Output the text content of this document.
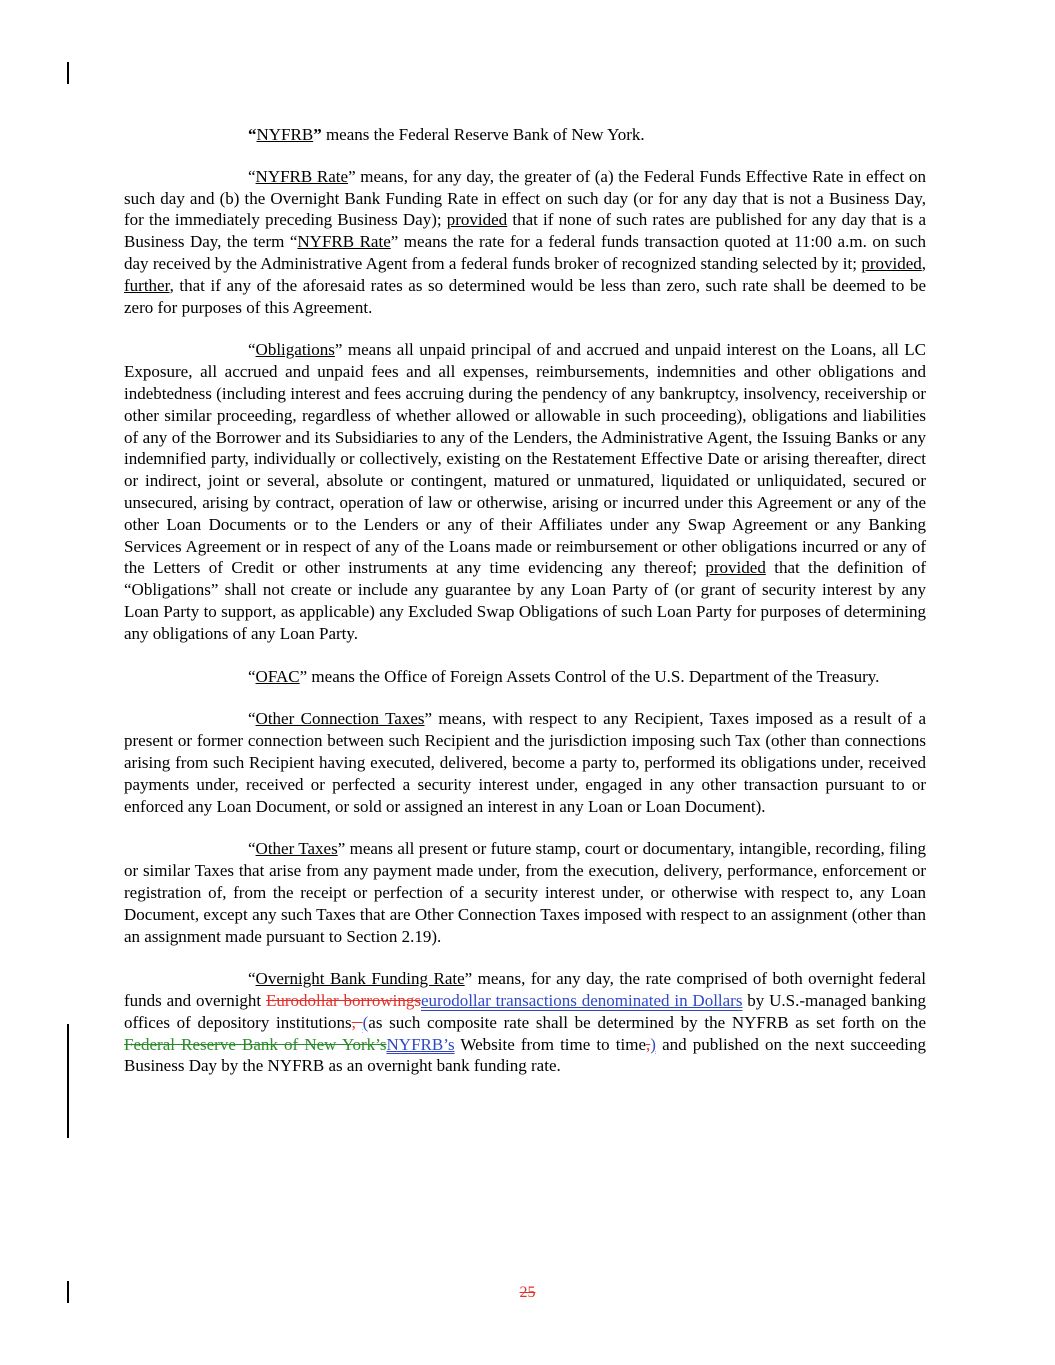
“NYFRB” means the Federal Reserve Bank of New York.

“NYFRB Rate” means, for any day, the greater of (a) the Federal Funds Effective Rate in effect on such day and (b) the Overnight Bank Funding Rate in effect on such day (or for any day that is not a Business Day, for the immediately preceding Business Day); provided that if none of such rates are published for any day that is a Business Day, the term “NYFRB Rate” means the rate for a federal funds transaction quoted at 11:00 a.m. on such day received by the Administrative Agent from a federal funds broker of recognized standing selected by it; provided, further, that if any of the aforesaid rates as so determined would be less than zero, such rate shall be deemed to be zero for purposes of this Agreement.

“Obligations” means all unpaid principal of and accrued and unpaid interest on the Loans, all LC Exposure, all accrued and unpaid fees and all expenses, reimbursements, indemnities and other obligations and indebtedness (including interest and fees accruing during the pendency of any bankruptcy, insolvency, receivership or other similar proceeding, regardless of whether allowed or allowable in such proceeding), obligations and liabilities of any of the Borrower and its Subsidiaries to any of the Lenders, the Administrative Agent, the Issuing Banks or any indemnified party, individually or collectively, existing on the Restatement Effective Date or arising thereafter, direct or indirect, joint or several, absolute or contingent, matured or unmatured, liquidated or unliquidated, secured or unsecured, arising by contract, operation of law or otherwise, arising or incurred under this Agreement or any of the other Loan Documents or to the Lenders or any of their Affiliates under any Swap Agreement or any Banking Services Agreement or in respect of any of the Loans made or reimbursement or other obligations incurred or any of the Letters of Credit or other instruments at any time evidencing any thereof; provided that the definition of “Obligations” shall not create or include any guarantee by any Loan Party of (or grant of security interest by any Loan Party to support, as applicable) any Excluded Swap Obligations of such Loan Party for purposes of determining any obligations of any Loan Party.

“OFAC” means the Office of Foreign Assets Control of the U.S. Department of the Treasury.

“Other Connection Taxes” means, with respect to any Recipient, Taxes imposed as a result of a present or former connection between such Recipient and the jurisdiction imposing such Tax (other than connections arising from such Recipient having executed, delivered, become a party to, performed its obligations under, received payments under, received or perfected a security interest under, engaged in any other transaction pursuant to or enforced any Loan Document, or sold or assigned an interest in any Loan or Loan Document).

“Other Taxes” means all present or future stamp, court or documentary, intangible, recording, filing or similar Taxes that arise from any payment made under, from the execution, delivery, performance, enforcement or registration of, from the receipt or perfection of a security interest under, or otherwise with respect to, any Loan Document, except any such Taxes that are Other Connection Taxes imposed with respect to an assignment (other than an assignment made pursuant to Section 2.19).

“Overnight Bank Funding Rate” means, for any day, the rate comprised of both overnight federal funds and overnight Eurodollar borrowingseurodollar transactions denominated in Dollars by U.S.-managed banking offices of depository institutions, (as such composite rate shall be determined by the NYFRB as set forth on the Federal Reserve Bank of New York’sNYFRB’s Website from time to time,) and published on the next succeeding Business Day by the NYFRB as an overnight bank funding rate.

25
